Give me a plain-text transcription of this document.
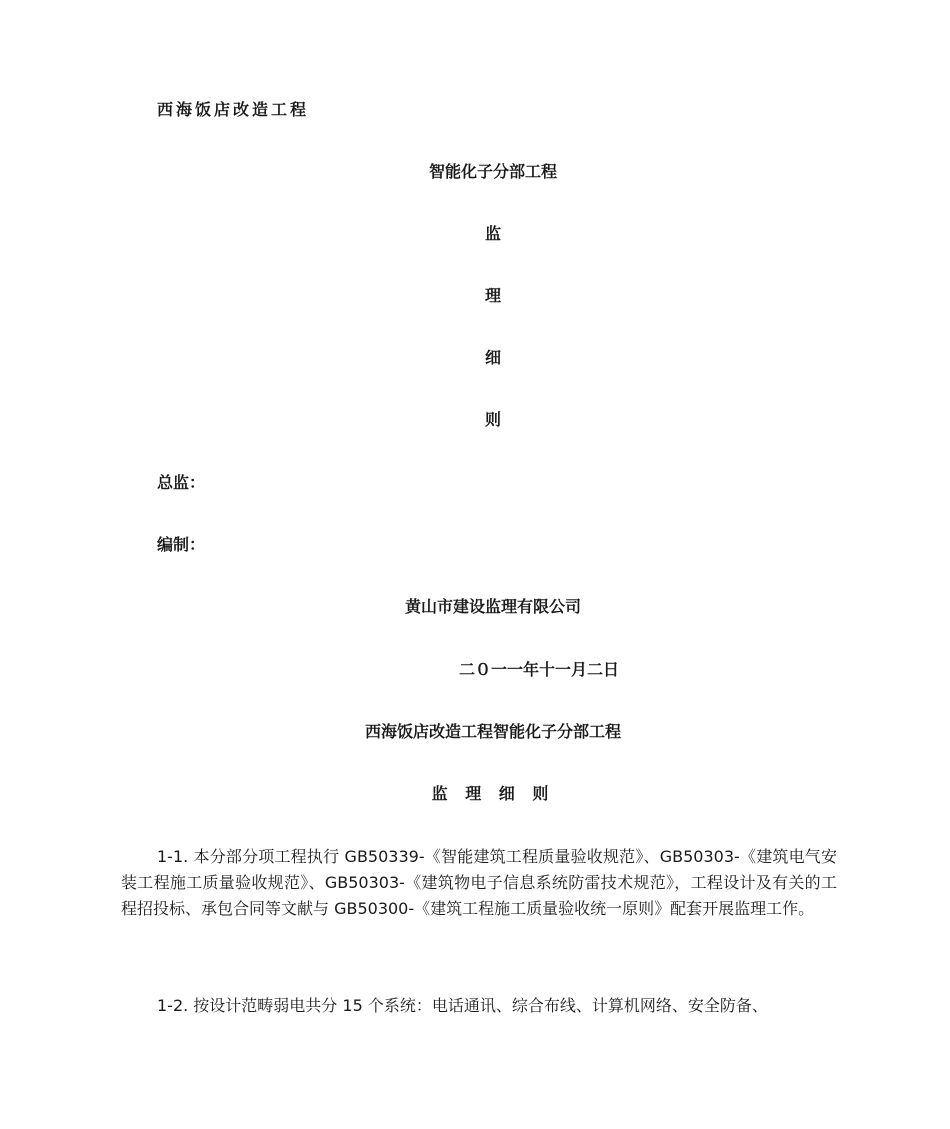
西海饭店改造工程
智能化子分部工程
监
理
细
则
总监：
编制：
黄山市建设监理有限公司
二０一一年十一月二日
西海饭店改造工程智能化子分部工程
监 理 细 则

1-1. 本分部分项工程执行 GB50339-《智能建筑工程质量验收规范》、GB50303-《建筑电气安装工程施工质量验收规范》、GB50303-《建筑物电子信息系统防雷技术规范》，工程设计及有关的工程招投标、承包合同等文献与 GB50300-《建筑工程施工质量验收统一原则》配套开展监理工作。

1-2. 按设计范畴弱电共分 15 个系统：电话通讯、综合布线、计算机网络、安全防备、
